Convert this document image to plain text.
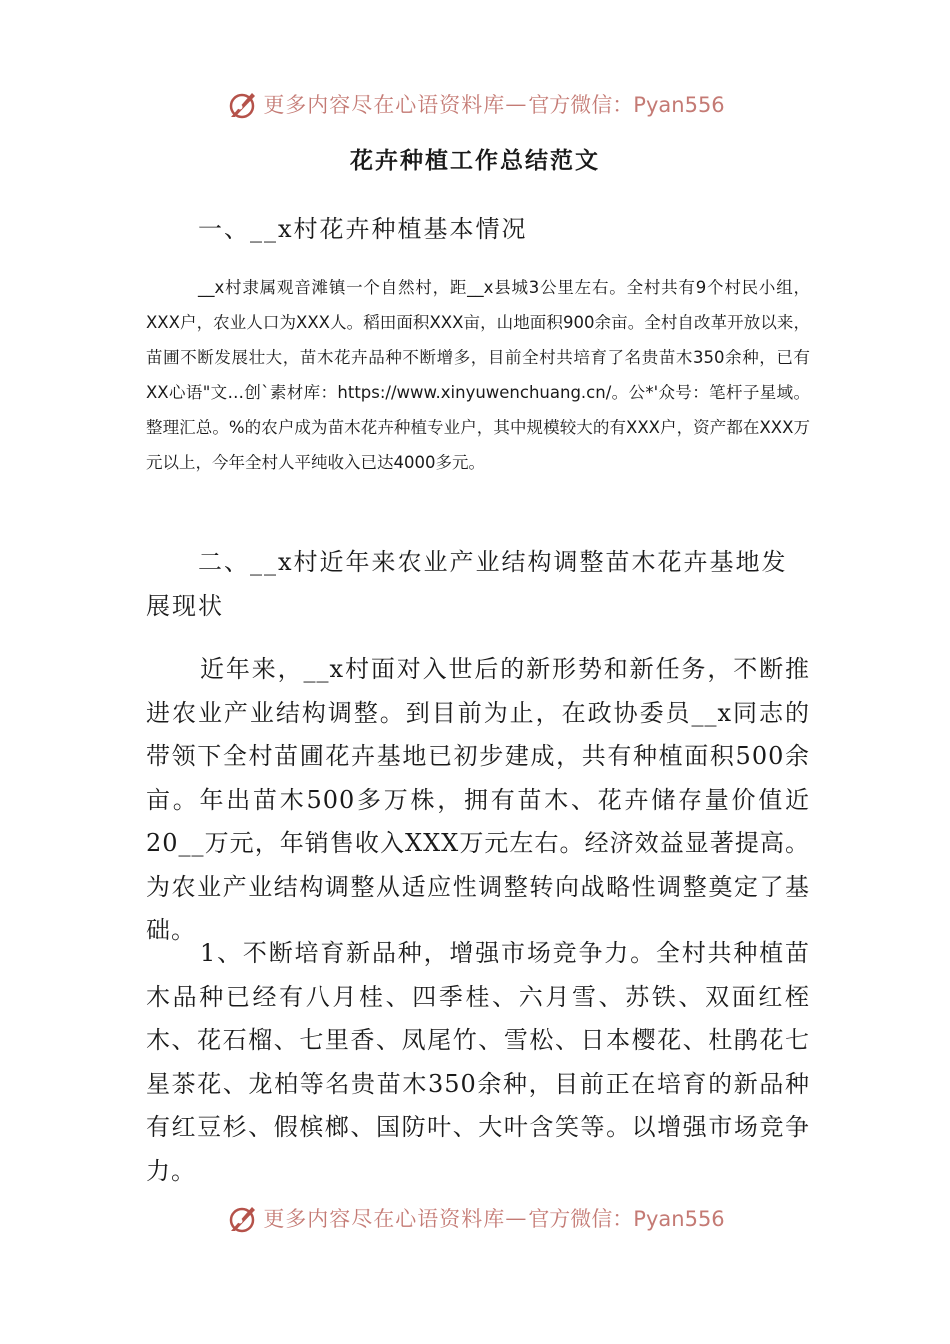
更多内容尽在心语资料库 — 官方微信：Pyan556
花卉种植工作总结范文
一、__x村花卉种植基本情况
__x村隶属观音滩镇一个自然村，距__x县城3公里左右。全村共有9个村民小组，XXX户，农业人口为XXX人。稻田面积XXX亩，山地面积900余亩。全村自改革开放以来，苗圃不断发展壮大，苗木花卉品种不断增多，目前全村共培育了名贵苗木350余种，已有XX心语"文…创`素材库：https://www.xinyuwenchuang.cn/。公*'众号：笔杆子星域。整理汇总。%的农户成为苗木花卉种植专业户，其中规模较大的有XXX户，资产都在XXX万元以上，今年全村人平纯收入已达4000多元。
二、__x村近年来农业产业结构调整苗木花卉基地发展现状
近年来，__x村面对入世后的新形势和新任务，不断推进农业产业结构调整。到目前为止，在政协委员__x同志的带领下全村苗圃花卉基地已初步建成，共有种植面积500余亩。年出苗木500多万株，拥有苗木、花卉储存量价值近20__万元，年销售收入XXX万元左右。经济效益显著提高。为农业产业结构调整从适应性调整转向战略性调整奠定了基础。
1、不断培育新品种，增强市场竞争力。全村共种植苗木品种已经有八月桂、四季桂、六月雪、苏铁、双面红桎木、花石榴、七里香、凤尾竹、雪松、日本樱花、杜鹃花七星茶花、龙柏等名贵苗木350余种，目前正在培育的新品种有红豆杉、假槟榔、国防叶、大叶含笑等。以增强市场竞争力。
更多内容尽在心语资料库 — 官方微信：Pyan556
